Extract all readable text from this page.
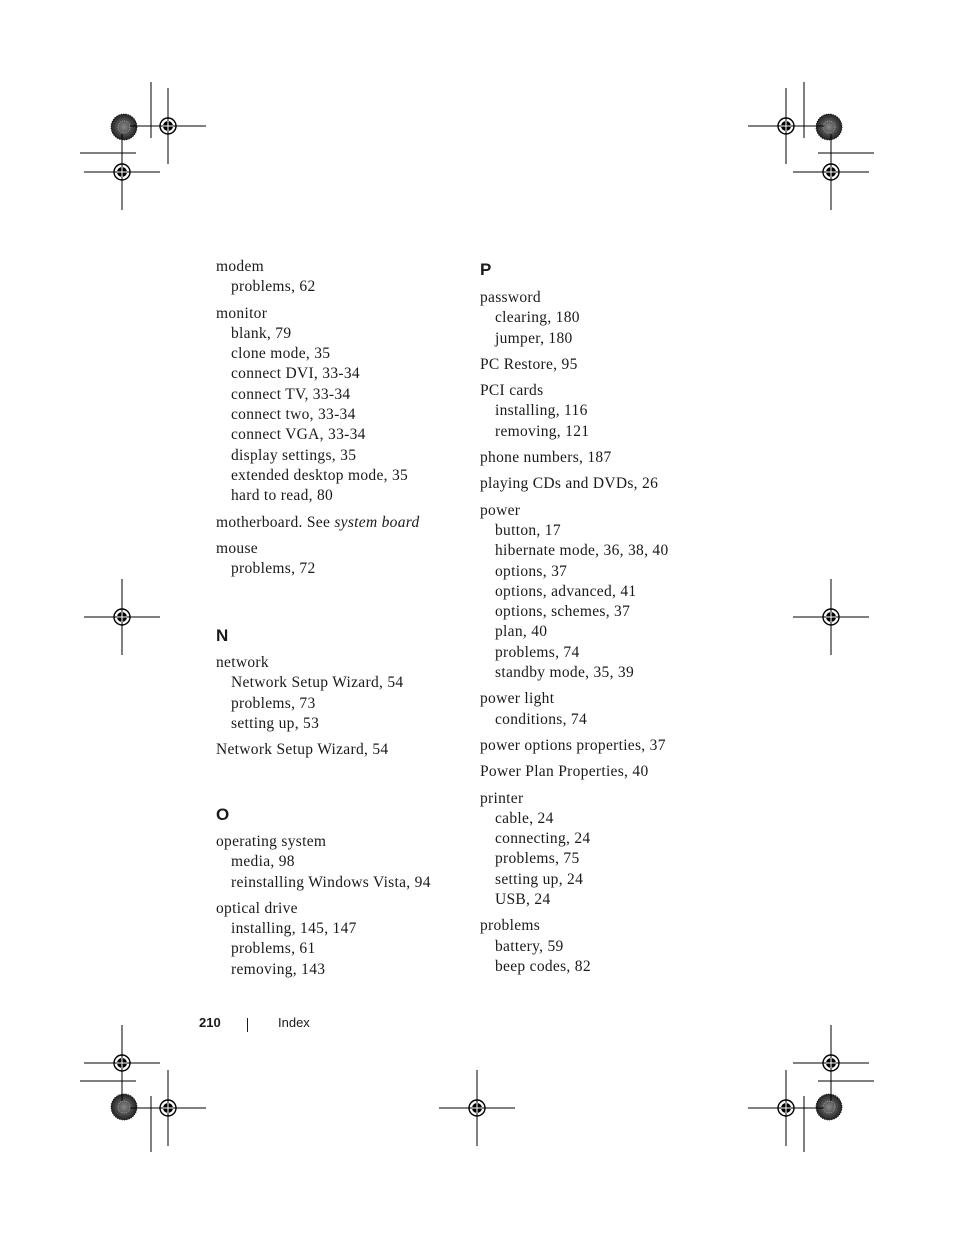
modem
problems, 62
monitor
blank, 79
clone mode, 35
connect DVI, 33-34
connect TV, 33-34
connect two, 33-34
connect VGA, 33-34
display settings, 35
extended desktop mode, 35
hard to read, 80
motherboard. See system board
mouse
problems, 72
N
network
Network Setup Wizard, 54
problems, 73
setting up, 53
Network Setup Wizard, 54
O
operating system
media, 98
reinstalling Windows Vista, 94
optical drive
installing, 145, 147
problems, 61
removing, 143
P
password
clearing, 180
jumper, 180
PC Restore, 95
PCI cards
installing, 116
removing, 121
phone numbers, 187
playing CDs and DVDs, 26
power
button, 17
hibernate mode, 36, 38, 40
options, 37
options, advanced, 41
options, schemes, 37
plan, 40
problems, 74
standby mode, 35, 39
power light
conditions, 74
power options properties, 37
Power Plan Properties, 40
printer
cable, 24
connecting, 24
problems, 75
setting up, 24
USB, 24
problems
battery, 59
beep codes, 82
210	Index
